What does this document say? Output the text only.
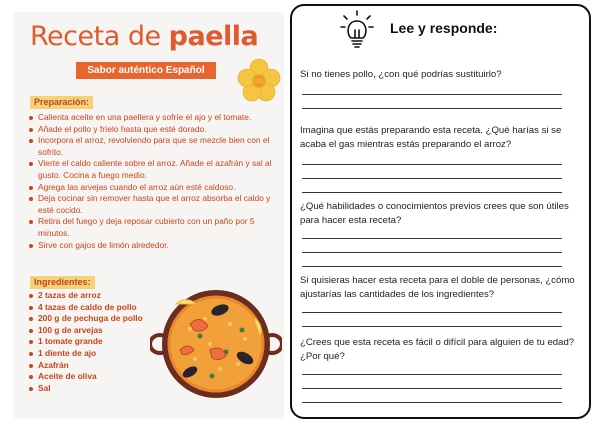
Receta de paella
Sabor auténtico Español
Preparación:
Calienta aceite en una paellera y sofríe el ajo y el tomate.
Añade el pollo y fríelo hasta que esté dorado.
Incorpora el arroz, revolviendo para que se mezcle bien con el sofrito.
Vierte el caldo caliente sobre el arroz. Añade el azafrán y sal al gusto. Cocina a fuego medio.
Agrega las arvejas cuando el arroz aún esté caldoso.
Deja cocinar sin remover hasta que el arroz absorba el caldo y esté cocido.
Retira del fuego y deja reposar cubierto con un paño por 5 minutos.
Sirve con gajos de limón alrededor.
Ingredientes:
2 tazas de arroz
4 tazas de caldo de pollo
200 g de pechuga de pollo
100 g de arvejas
1 tomate grande
1 diente de ajo
Azafrán
Aceite de oliva
Sal
Lee y responde:
Si no tienes pollo, ¿con qué podrías sustituirlo?
Imagina que estás preparando esta receta. ¿Qué harías si se acaba el gas mientras estás preparando el arroz?
¿Qué habilidades o conocimientos previos crees que son útiles para hacer esta receta?
Si quisieras hacer esta receta para el doble de personas, ¿cómo ajustarías las cantidades de los ingredientes?
¿Crees que esta receta es fácil o difícil para alguien de tu edad? ¿Por qué?
